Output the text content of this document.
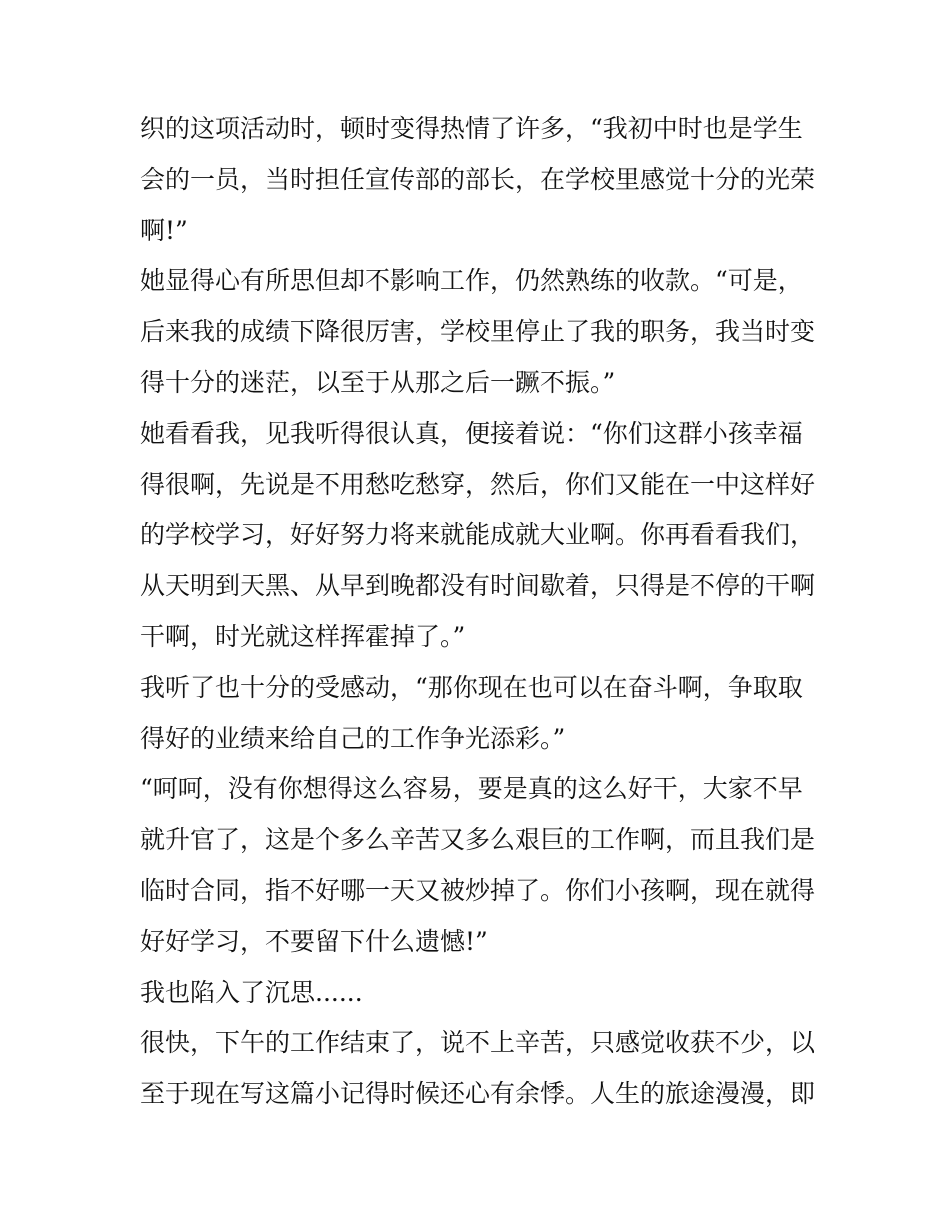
织的这项活动时，顿时变得热情了许多，“我初中时也是学生
会的一员，当时担任宣传部的部长，在学校里感觉十分的光荣
啊!”
她显得心有所思但却不影响工作，仍然熟练的收款。“可是，
后来我的成绩下降很厉害，学校里停止了我的职务，我当时变
得十分的迷茫，以至于从那之后一蹶不振。”
她看看我，见我听得很认真，便接着说：“你们这群小孩幸福
得很啊，先说是不用愁吃愁穿，然后，你们又能在一中这样好
的学校学习，好好努力将来就能成就大业啊。你再看看我们，
从天明到天黑、从早到晚都没有时间歇着，只得是不停的干啊
干啊，时光就这样挥霍掉了。”
我听了也十分的受感动，“那你现在也可以在奋斗啊，争取取
得好的业绩来给自己的工作争光添彩。”
“呵呵，没有你想得这么容易，要是真的这么好干，大家不早
就升官了，这是个多么辛苦又多么艰巨的工作啊，而且我们是
临时合同，指不好哪一天又被炒掉了。你们小孩啊，现在就得
好好学习，不要留下什么遗憾!”
我也陷入了沉思......
很快，下午的工作结束了，说不上辛苦，只感觉收获不少，以
至于现在写这篇小记得时候还心有余悸。人生的旅途漫漫，即
